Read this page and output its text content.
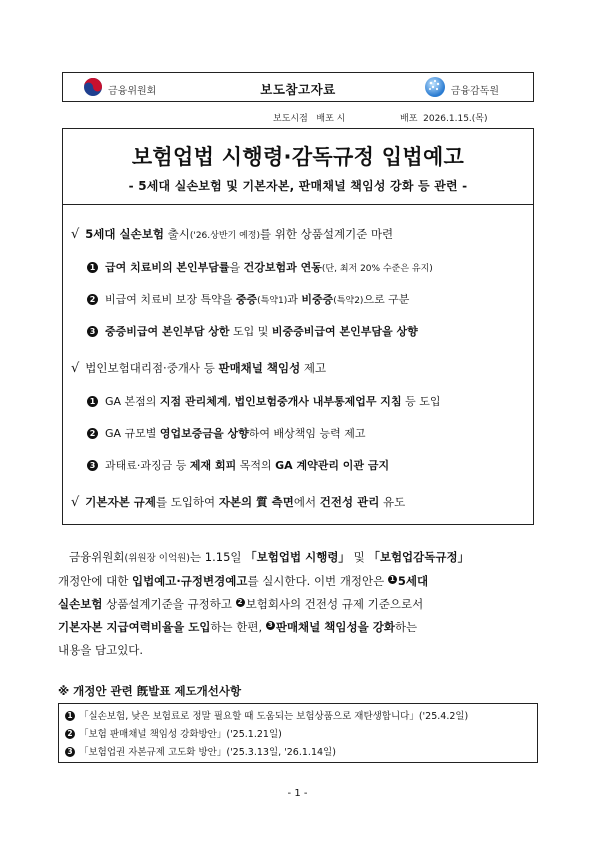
금융위원회	보도참고자료	금융감독원
보도시점 배포 시	배포 2026.1.15.(목)
보험업법 시행령·감독규정 입법예고
- 5세대 실손보험 및 기본자본, 판매채널 책임성 강화 등 관련 -
√ 5세대 실손보험 출시('26.상반기 예정)를 위한 상품설계기준 마련
1 급여 치료비의 본인부담률을 건강보험과 연동(단, 최저 20% 수준은 유지)
2 비급여 치료비 보장 특약을 중증(특약1)과 비중증(특약2)으로 구분
3 중증비급여 본인부담 상한 도입 및 비중증비급여 본인부담을 상향
√ 법인보험대리점·중개사 등 판매채널 책임성 제고
1 GA 본점의 지점 관리체계, 법인보험중개사 내부통제업무 지침 등 도입
2 GA 규모별 영업보증금을 상향하여 배상책임 능력 제고
3 과태료·과징금 등 제재 회피 목적의 GA 계약관리 이관 금지
√ 기본자본 규제를 도입하여 자본의 質 측면에서 건전성 관리 유도
금융위원회(위원장 이억원)는 1.15일 「보험업법 시행령」 및 「보험업감독규정」
개정안에 대한 입법예고·규정변경예고를 실시한다. 이번 개정안은 1 5세대
실손보험 상품설계기준을 규정하고 2 보험회사의 건전성 규제 기준으로서
기본자본 지급여력비율을 도입하는 한편, 3 판매채널 책임성을 강화하는
내용을 담고있다.
※ 개정안 관련 旣발표 제도개선사항
1 「실손보험, 낮은 보험료로 정말 필요할 때 도움되는 보험상품으로 재탄생합니다」('25.4.2일)
2 「보험 판매채널 책임성 강화방안」('25.1.21일)
3 「보험업권 자본규제 고도화 방안」('25.3.13일, '26.1.14일)
- 1 -
